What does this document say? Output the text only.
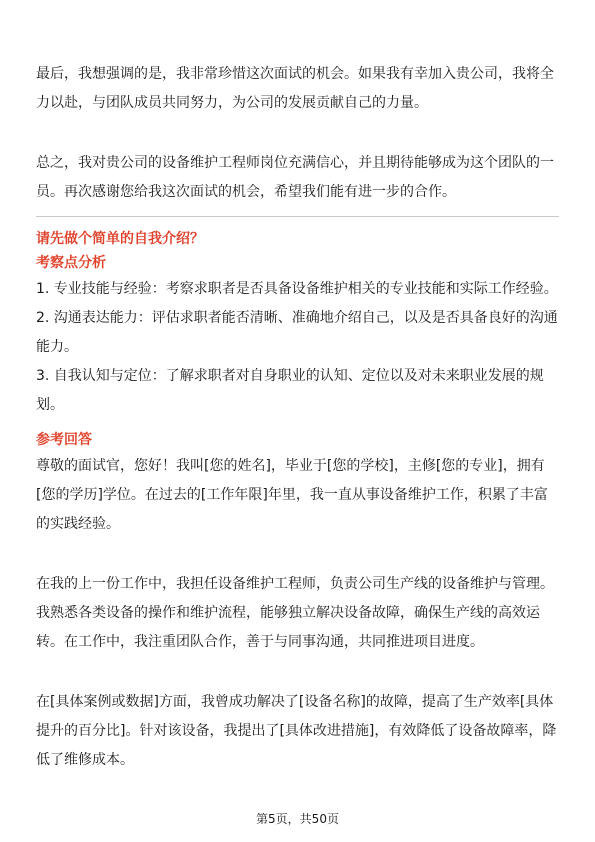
最后，我想强调的是，我非常珍惜这次面试的机会。如果我有幸加入贵公司，我将全力以赴，与团队成员共同努力，为公司的发展贡献自己的力量。

总之，我对贵公司的设备维护工程师岗位充满信心，并且期待能够成为这个团队的一员。再次感谢您给我这次面试的机会，希望我们能有进一步的合作。

请先做个简单的自我介绍？
考察点分析

1. 专业技能与经验：考察求职者是否具备设备维护相关的专业技能和实际工作经验。

2. 沟通表达能力：评估求职者能否清晰、准确地介绍自己，以及是否具备良好的沟通能力。

3. 自我认知与定位：了解求职者对自身职业的认知、定位以及对未来职业发展的规划。

参考回答

尊敬的面试官，您好！我叫[您的姓名]，毕业于[您的学校]，主修[您的专业]，拥有[您的学历]学位。在过去的[工作年限]年里，我一直从事设备维护工作，积累了丰富的实践经验。

在我的上一份工作中，我担任设备维护工程师，负责公司生产线的设备维护与管理。我熟悉各类设备的操作和维护流程，能够独立解决设备故障，确保生产线的高效运转。在工作中，我注重团队合作，善于与同事沟通，共同推进项目进度。

在[具体案例或数据]方面，我曾成功解决了[设备名称]的故障，提高了生产效率[具体提升的百分比]。针对该设备，我提出了[具体改进措施]，有效降低了设备故障率，降低了维修成本。

第5页，共50页
